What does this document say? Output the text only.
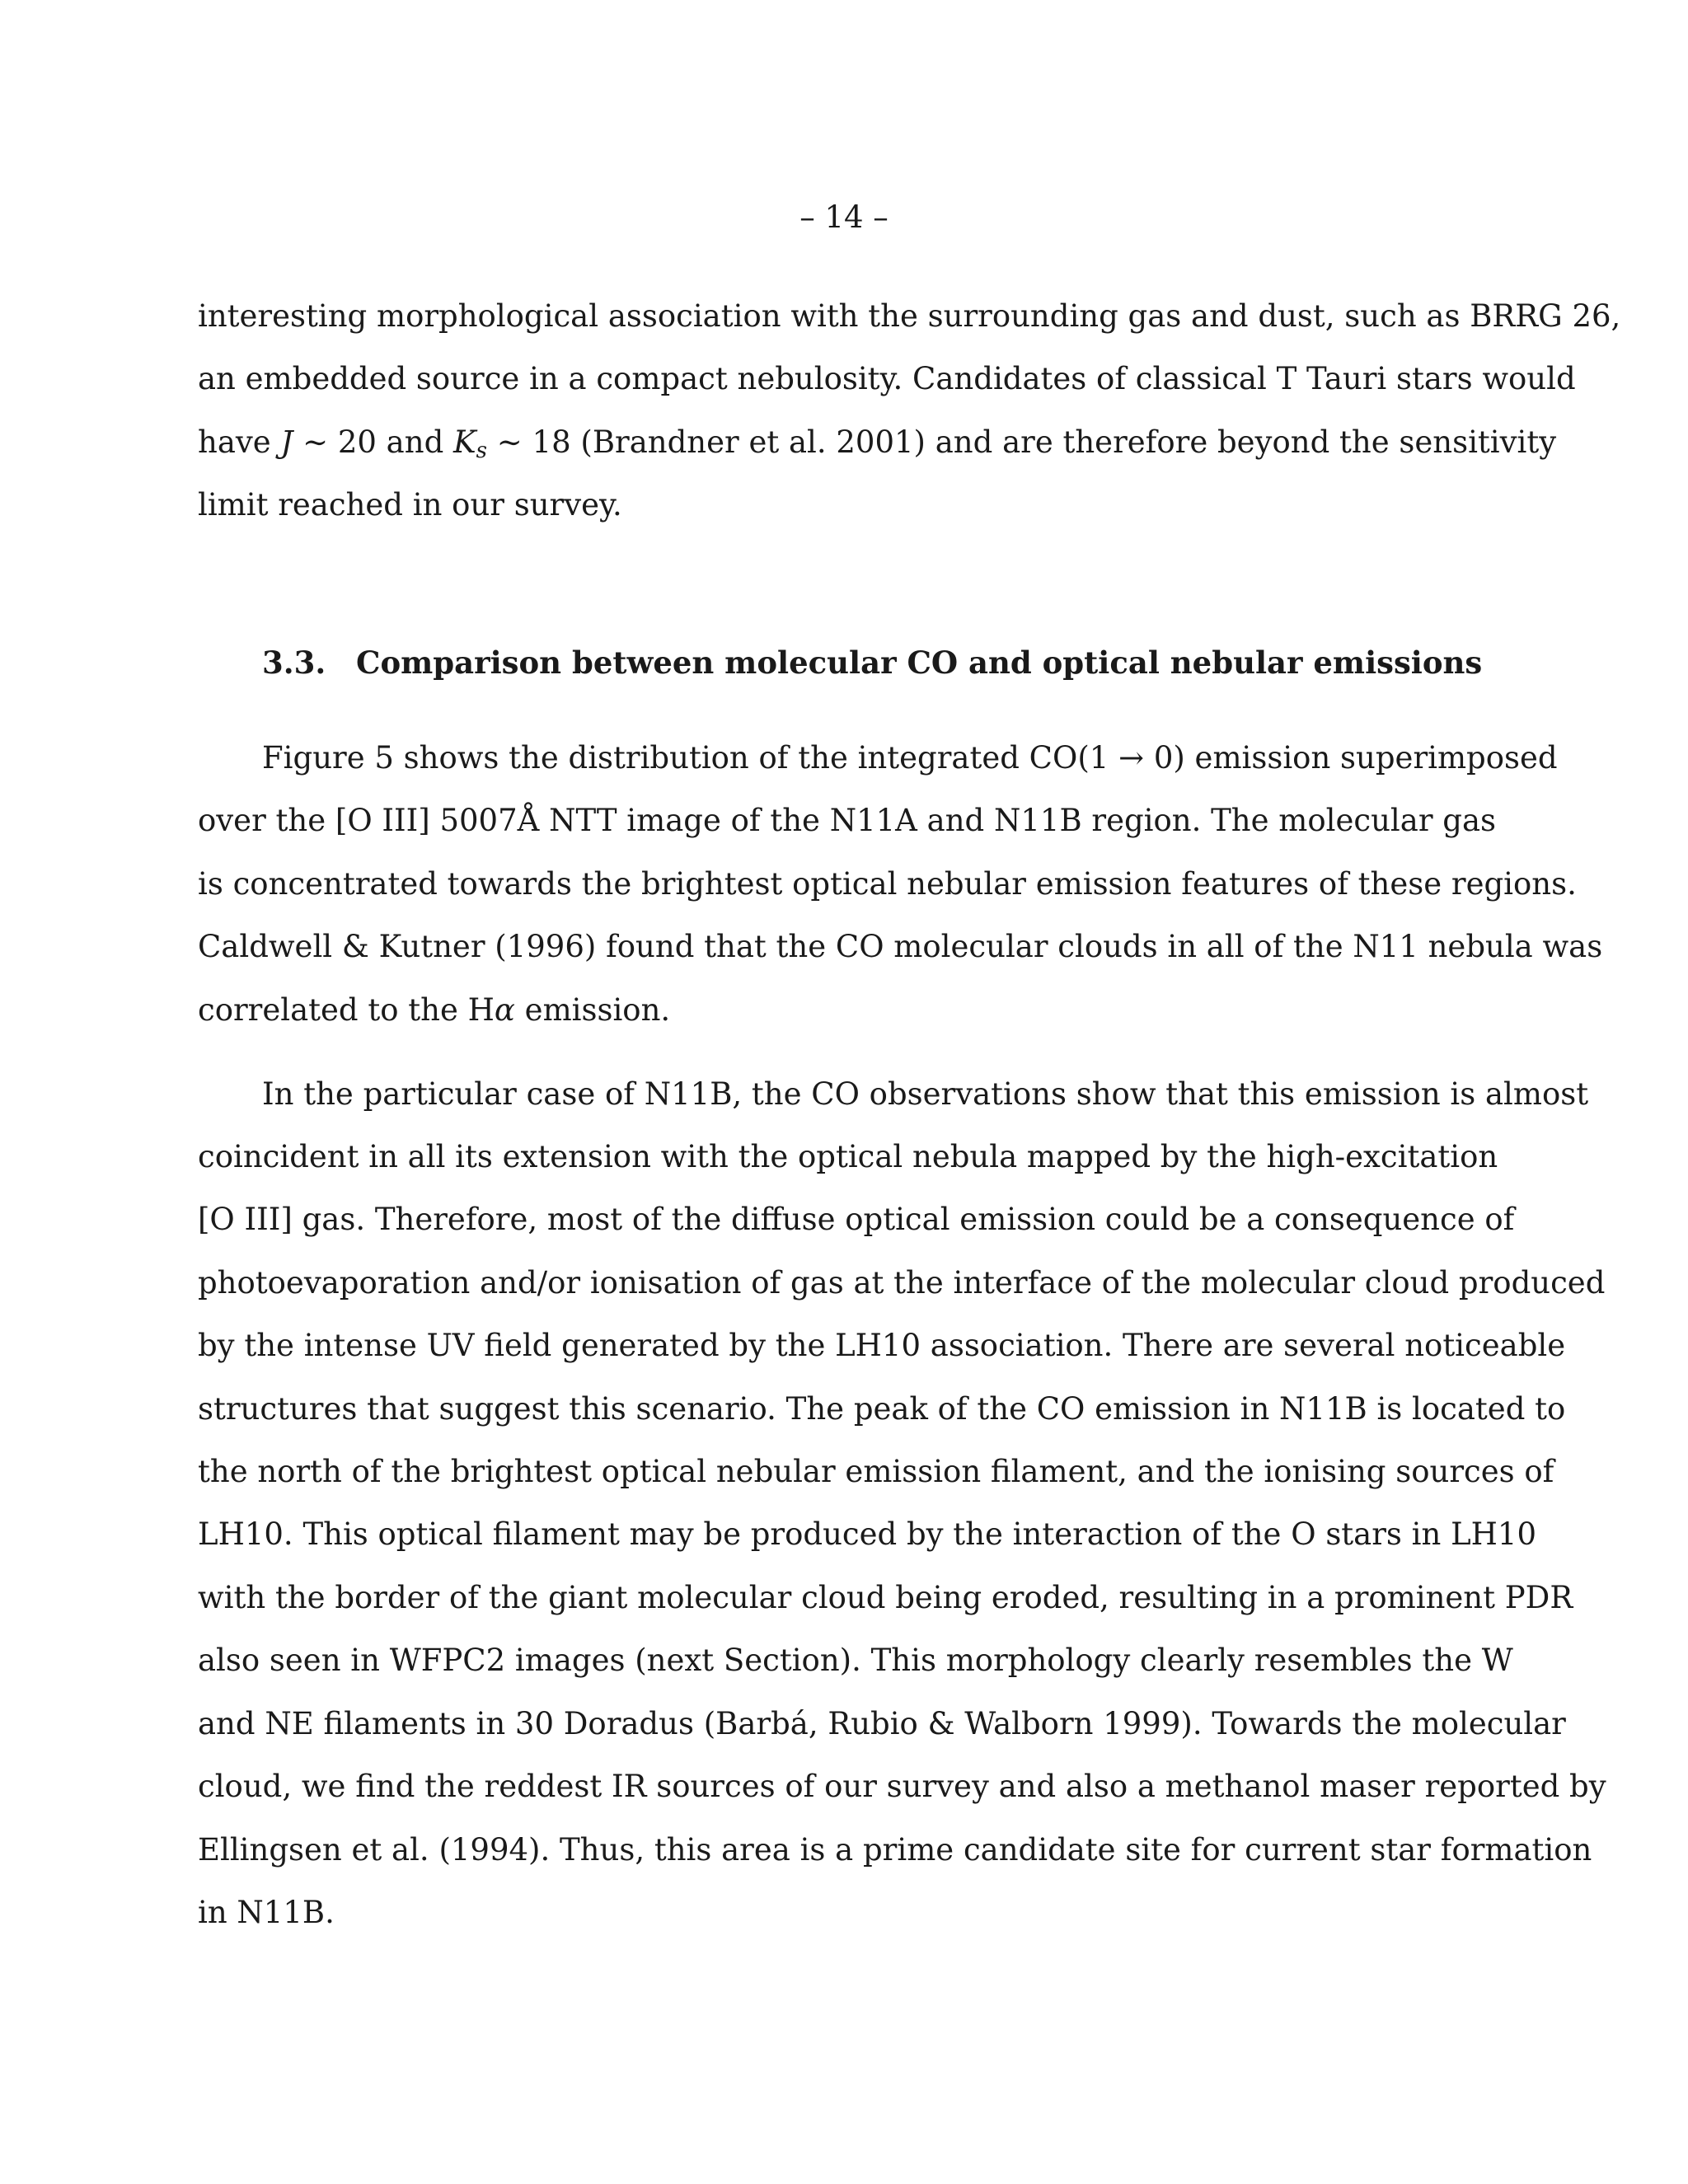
– 14 –
interesting morphological association with the surrounding gas and dust, such as BRRG 26,
an embedded source in a compact nebulosity. Candidates of classical T Tauri stars would
have J ∼ 20 and $K_s$ ∼ 18 (Brandner et al. 2001) and are therefore beyond the sensitivity
limit reached in our survey.
3.3. Comparison between molecular CO and optical nebular emissions
Figure 5 shows the distribution of the integrated CO(1 → 0) emission superimposed
over the [O III] 5007Å NTT image of the N11A and N11B region. The molecular gas
is concentrated towards the brightest optical nebular emission features of these regions.
Caldwell & Kutner (1996) found that the CO molecular clouds in all of the N11 nebula was
correlated to the Hα emission.
In the particular case of N11B, the CO observations show that this emission is almost
coincident in all its extension with the optical nebula mapped by the high-excitation
[O III] gas. Therefore, most of the diffuse optical emission could be a consequence of
photoevaporation and/or ionisation of gas at the interface of the molecular cloud produced
by the intense UV field generated by the LH10 association. There are several noticeable
structures that suggest this scenario. The peak of the CO emission in N11B is located to
the north of the brightest optical nebular emission filament, and the ionising sources of
LH10. This optical filament may be produced by the interaction of the O stars in LH10
with the border of the giant molecular cloud being eroded, resulting in a prominent PDR
also seen in WFPC2 images (next Section). This morphology clearly resembles the W
and NE filaments in 30 Doradus (Barbá, Rubio & Walborn 1999). Towards the molecular
cloud, we find the reddest IR sources of our survey and also a methanol maser reported by
Ellingsen et al. (1994). Thus, this area is a prime candidate site for current star formation
in N11B.
